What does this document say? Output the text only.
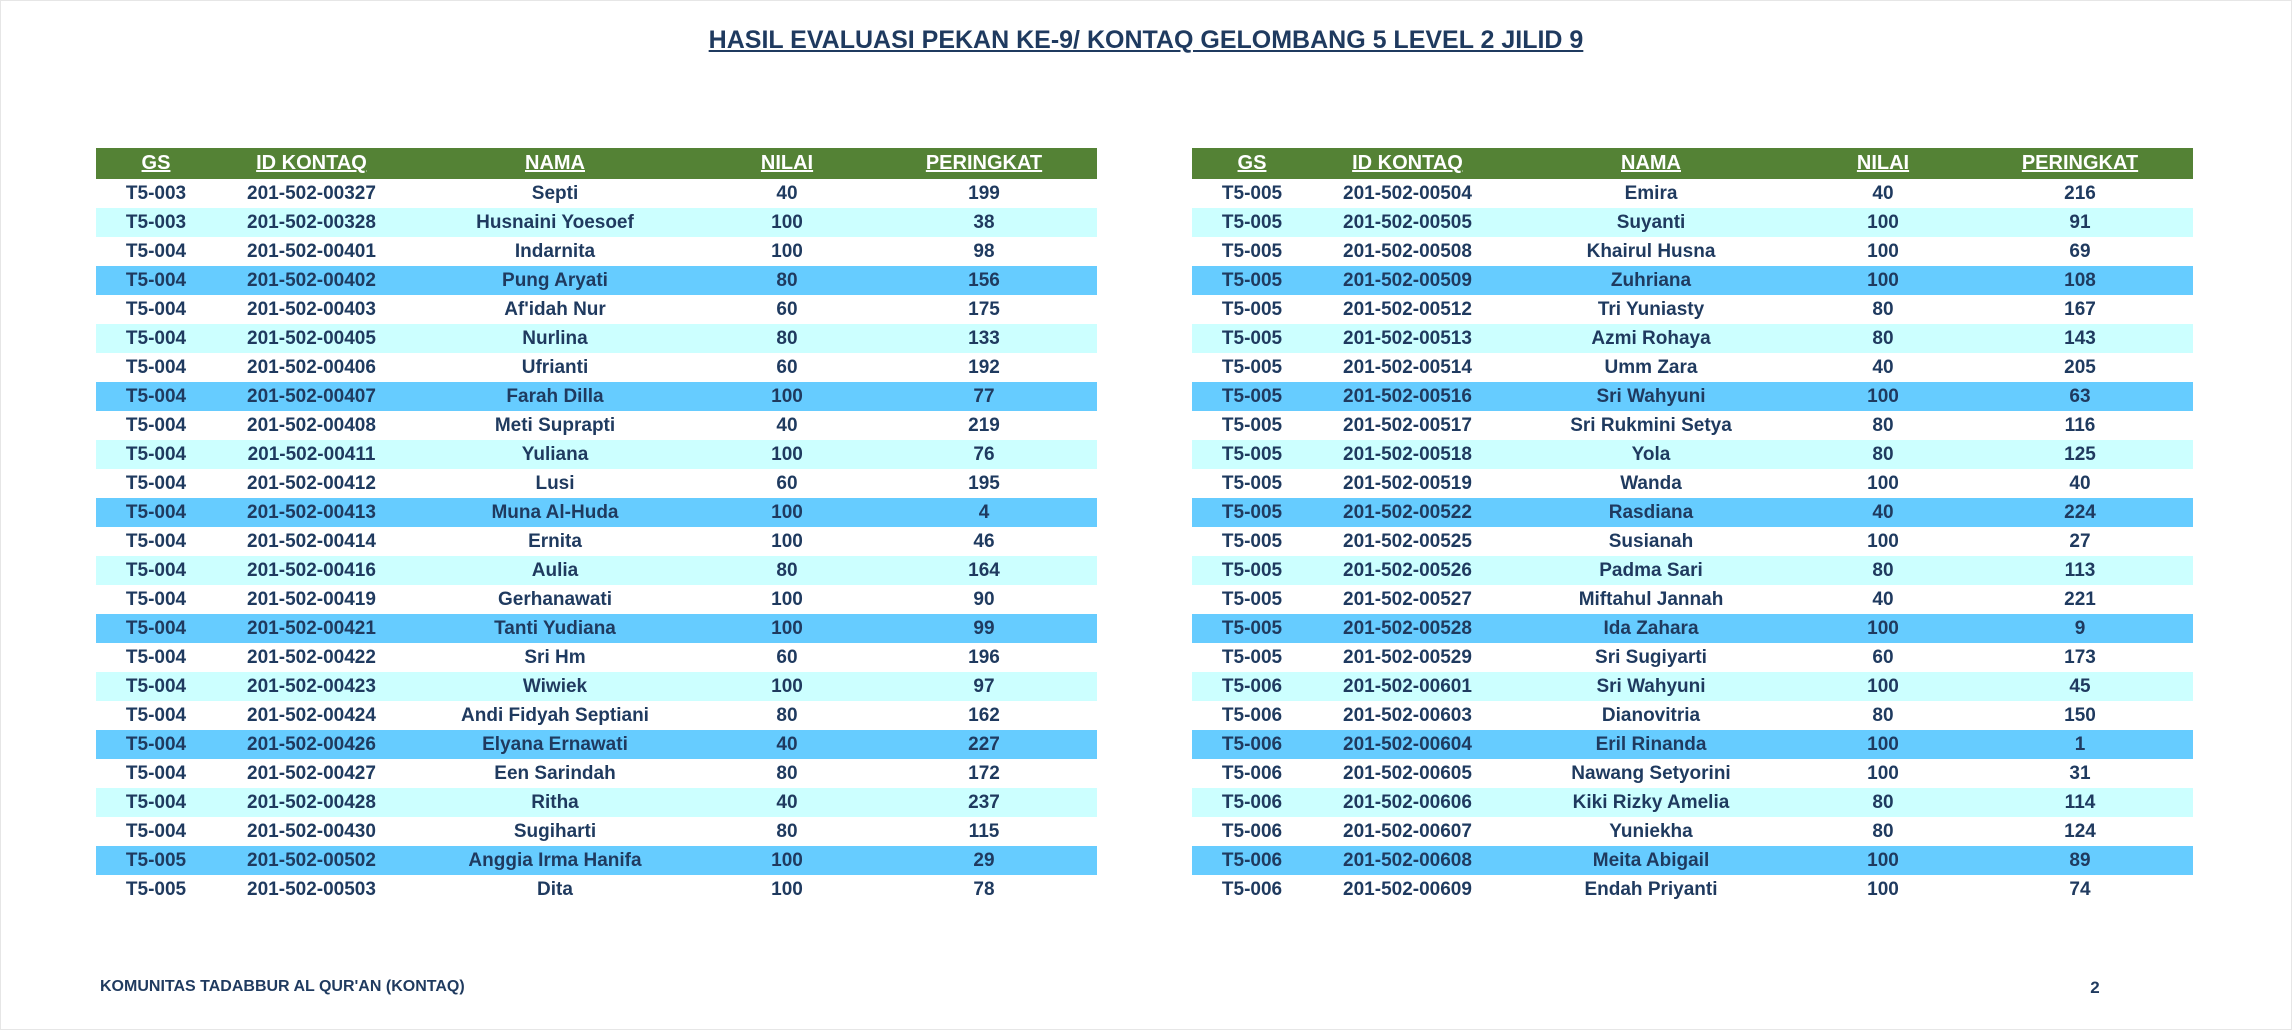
HASIL EVALUASI PEKAN KE-9/ KONTAQ GELOMBANG 5 LEVEL 2 JILID 9
GS	ID KONTAQ	NAMA	NILAI	PERINGKAT
T5-003	201-502-00327	Septi	40	199
T5-003	201-502-00328	Husnaini Yoesoef	100	38
T5-004	201-502-00401	Indarnita	100	98
T5-004	201-502-00402	Pung Aryati	80	156
T5-004	201-502-00403	Af'idah Nur	60	175
T5-004	201-502-00405	Nurlina	80	133
T5-004	201-502-00406	Ufrianti	60	192
T5-004	201-502-00407	Farah Dilla	100	77
T5-004	201-502-00408	Meti Suprapti	40	219
T5-004	201-502-00411	Yuliana	100	76
T5-004	201-502-00412	Lusi	60	195
T5-004	201-502-00413	Muna Al-Huda	100	4
T5-004	201-502-00414	Ernita	100	46
T5-004	201-502-00416	Aulia	80	164
T5-004	201-502-00419	Gerhanawati	100	90
T5-004	201-502-00421	Tanti Yudiana	100	99
T5-004	201-502-00422	Sri Hm	60	196
T5-004	201-502-00423	Wiwiek	100	97
T5-004	201-502-00424	Andi Fidyah Septiani	80	162
T5-004	201-502-00426	Elyana Ernawati	40	227
T5-004	201-502-00427	Een Sarindah	80	172
T5-004	201-502-00428	Ritha	40	237
T5-004	201-502-00430	Sugiharti	80	115
T5-005	201-502-00502	Anggia Irma Hanifa	100	29
T5-005	201-502-00503	Dita	100	78
GS	ID KONTAQ	NAMA	NILAI	PERINGKAT
T5-005	201-502-00504	Emira	40	216
T5-005	201-502-00505	Suyanti	100	91
T5-005	201-502-00508	Khairul Husna	100	69
T5-005	201-502-00509	Zuhriana	100	108
T5-005	201-502-00512	Tri Yuniasty	80	167
T5-005	201-502-00513	Azmi Rohaya	80	143
T5-005	201-502-00514	Umm Zara	40	205
T5-005	201-502-00516	Sri Wahyuni	100	63
T5-005	201-502-00517	Sri Rukmini Setya	80	116
T5-005	201-502-00518	Yola	80	125
T5-005	201-502-00519	Wanda	100	40
T5-005	201-502-00522	Rasdiana	40	224
T5-005	201-502-00525	Susianah	100	27
T5-005	201-502-00526	Padma Sari	80	113
T5-005	201-502-00527	Miftahul Jannah	40	221
T5-005	201-502-00528	Ida Zahara	100	9
T5-005	201-502-00529	Sri Sugiyarti	60	173
T5-006	201-502-00601	Sri Wahyuni	100	45
T5-006	201-502-00603	Dianovitria	80	150
T5-006	201-502-00604	Eril Rinanda	100	1
T5-006	201-502-00605	Nawang Setyorini	100	31
T5-006	201-502-00606	Kiki Rizky Amelia	80	114
T5-006	201-502-00607	Yuniekha	80	124
T5-006	201-502-00608	Meita Abigail	100	89
T5-006	201-502-00609	Endah Priyanti	100	74
KOMUNITAS TADABBUR AL QUR'AN (KONTAQ)	2
